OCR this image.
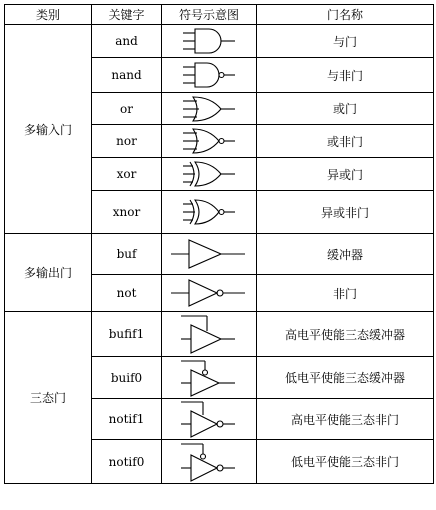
类别	关键字	符号示意图	门名称
多输入门	and		与门
	nand		与非门
	or		或门
	nor		或非门
	xor		异或门
	xnor		异或非门
多输出门	buf		缓冲器
	not		非门
三态门	bufif1		高电平使能三态缓冲器
	buif0		低电平使能三态缓冲器
	notif1		高电平使能三态非门
	notif0		低电平使能三态非门
